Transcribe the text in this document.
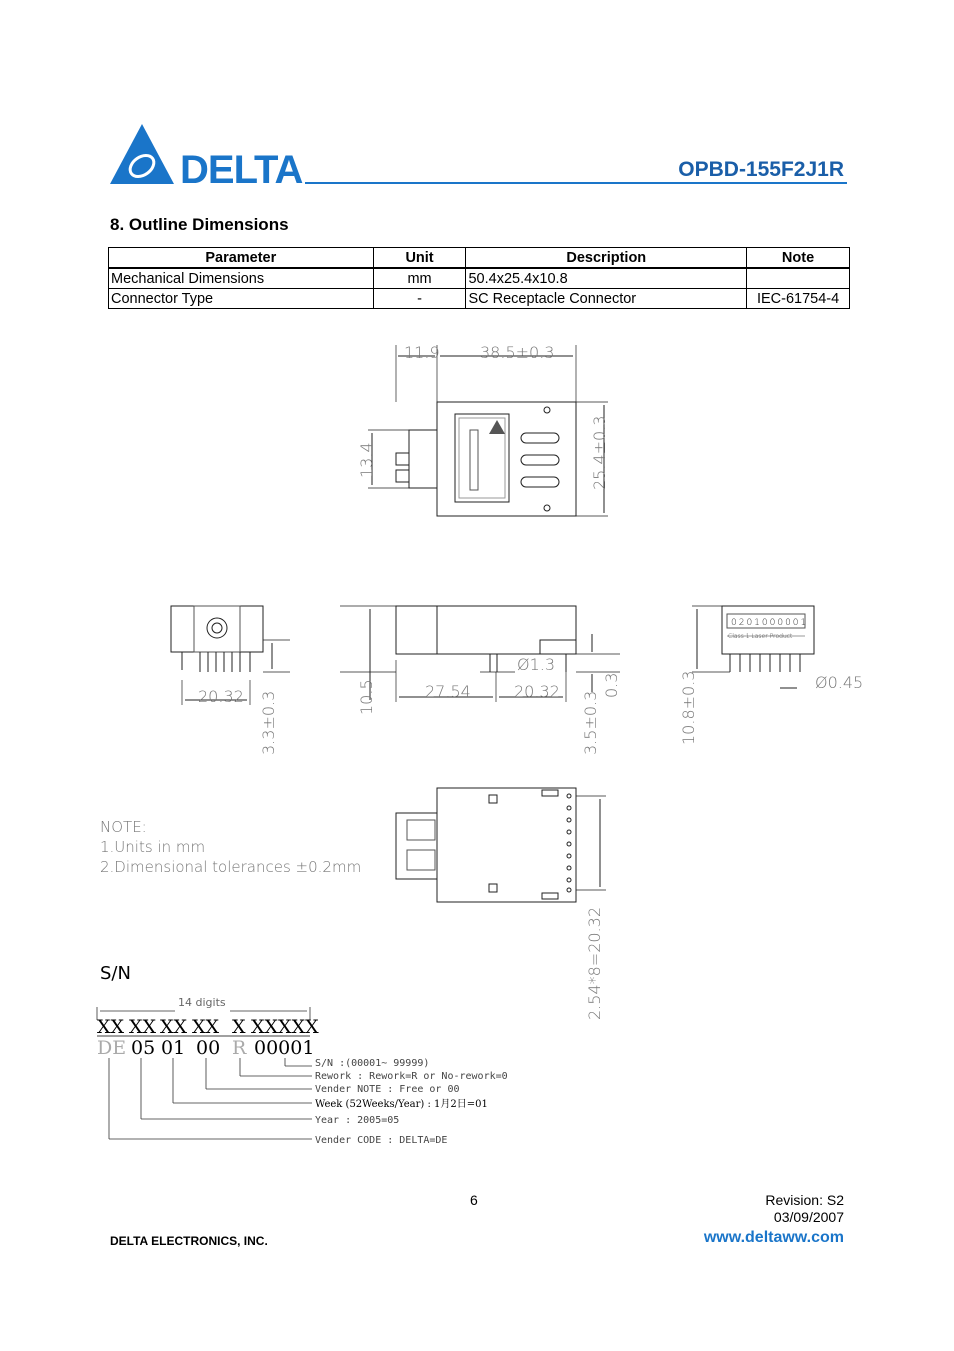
DELTA	OPBD-155F2J1R
8. Outline Dimensions
Parameter	Unit	Description	Note
Mechanical Dimensions	mm	50.4x25.4x10.8	
Connector Type	-	SC Receptacle Connector	IEC-61754-4
11.9	38.5±0.3
13.4	25.4±0.3
20.32 3.3±0.3	10.5
Ø1.3
27.54	20.32	0.3
3.5±0.3	10.8±0.3	Ø0.45
2.54*8=20.32
0201000001
Class 1 Laser Product
NOTE:
1.Units in mm
2.Dimensional tolerances ±0.2mm
S/N
14 digits
XX XX XX XX X XXXXX
DE 05 01 00 R 00001
S/N :(00001~ 99999)
Rework : Rework=R or No-rework=0
Vender NOTE : Free or 00
Week (52Weeks/Year) : 1月2日=01
Year : 2005=05
Vender CODE : DELTA=DE
6	Revision: S2
03/09/2007
DELTA ELECTRONICS, INC.	www.deltaww.com
